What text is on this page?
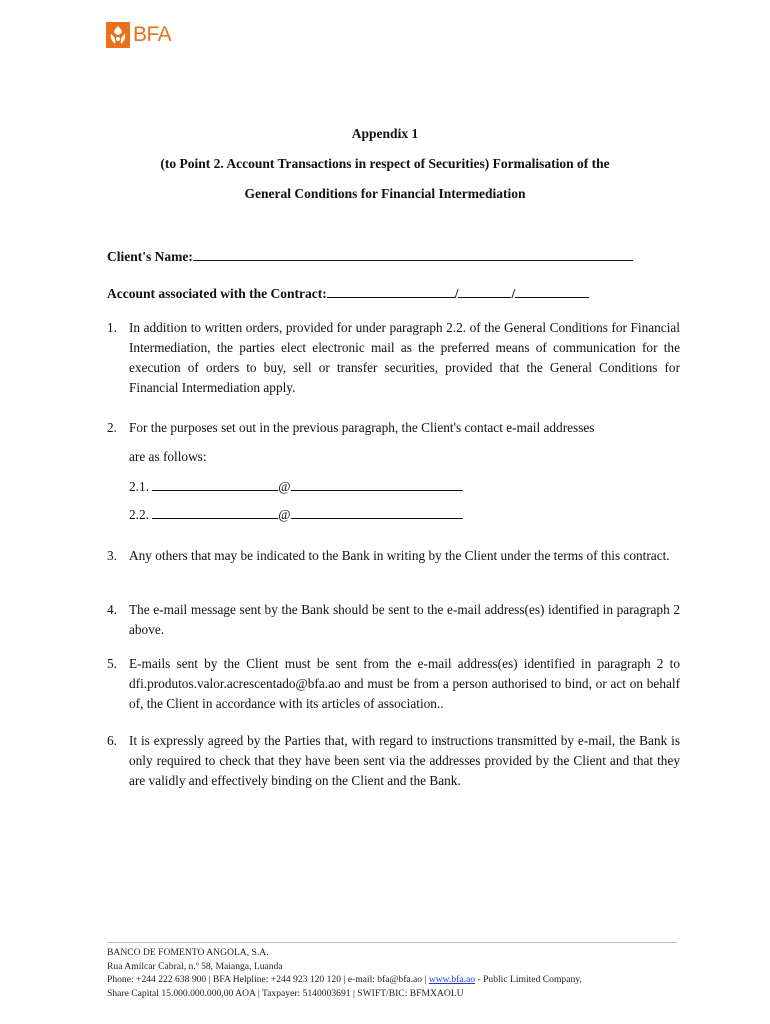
BFA
Appendix 1
(to Point 2. Account Transactions in respect of Securities) Formalisation of the
General Conditions for Financial Intermediation
Client's Name:
Account associated with the Contract:	/	/
1. In addition to written orders, provided for under paragraph 2.2. of the General Conditions for Financial Intermediation, the parties elect electronic mail as the preferred means of communication for the execution of orders to buy, sell or transfer securities, provided that the General Conditions for Financial Intermediation apply.
2. For the purposes set out in the previous paragraph, the Client's contact e-mail addresses
are as follows:
2.1.	@
2.2.	@
3. Any others that may be indicated to the Bank in writing by the Client under the terms of this contract.
4. The e-mail message sent by the Bank should be sent to the e-mail address(es) identified in paragraph 2 above.
5. E-mails sent by the Client must be sent from the e-mail address(es) identified in paragraph 2 to dfi.produtos.valor.acrescentado@bfa.ao and must be from a person authorised to bind, or act on behalf of, the Client in accordance with its articles of association..
6. It is expressly agreed by the Parties that, with regard to instructions transmitted by e-mail, the Bank is only required to check that they have been sent via the addresses provided by the Client and that they are validly and effectively binding on the Client and the Bank.
BANCO DE FOMENTO ANGOLA, S.A.
Rua Amílcar Cabral, n.º 58, Maianga, Luanda
Phone: +244 222 638 900 | BFA Helpline: +244 923 120 120 | e-mail: bfa@bfa.ao | www.bfa.ao - Public Limited Company,
Share Capital 15.000.000.000,00 AOA | Taxpayer: 5140003691 | SWIFT/BIC: BFMXAOLU
